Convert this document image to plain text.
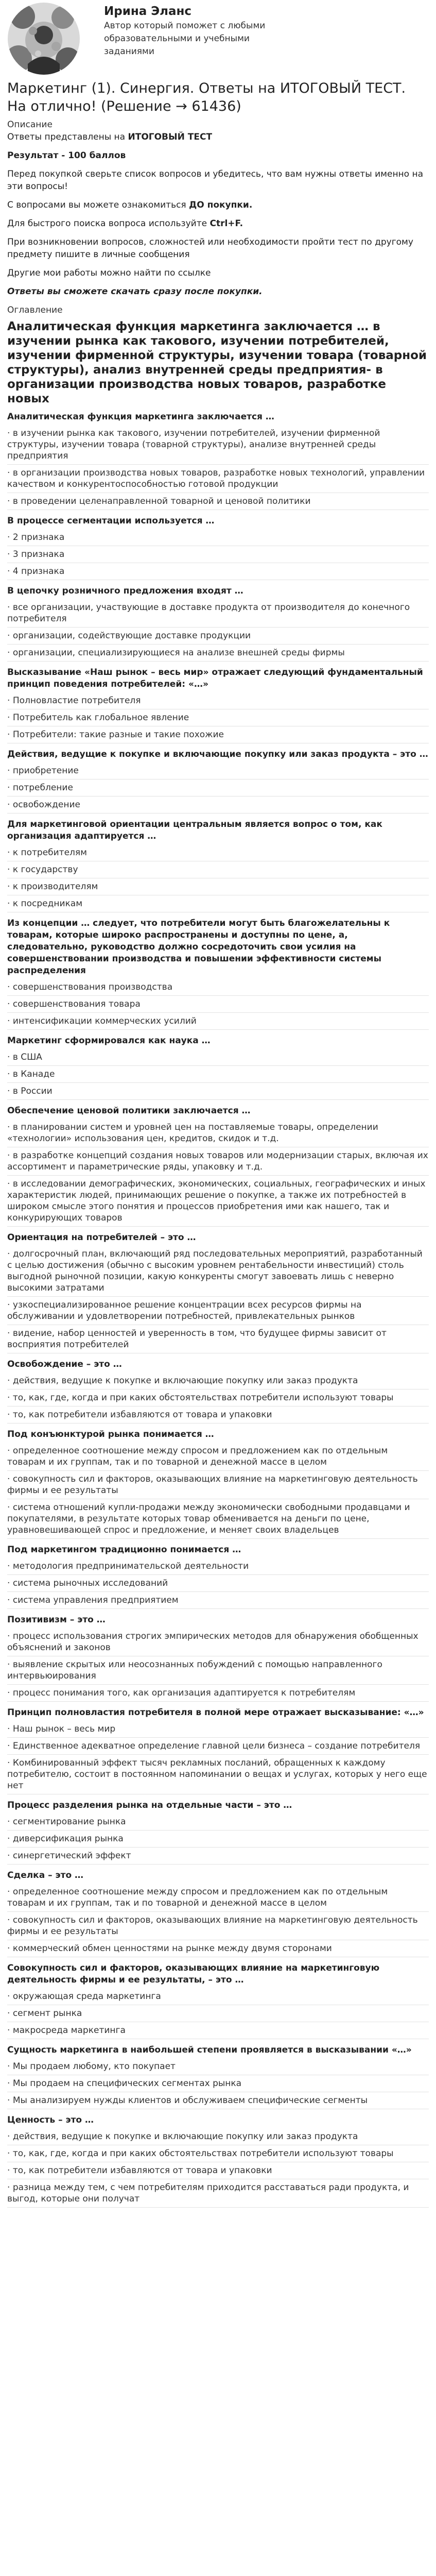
Ирина Эланс
Автор который поможет с любыми образовательными и учебными заданиями
Маркетинг (1). Синергия. Ответы на ИТОГОВЫЙ ТЕСТ. На отлично! (Решение → 61436)
Описание

Ответы представлены на ИТОГОВЫЙ ТЕСТ

Результат - 100 баллов

Перед покупкой сверьте список вопросов и убедитесь, что вам нужны ответы именно на эти вопросы!

С вопросами вы можете ознакомиться ДО покупки.

Для быстрого поиска вопроса используйте Ctrl+F.

При возникновении вопросов, сложностей или необходимости пройти тест по другому предмету пишите в личные сообщения

Другие мои работы можно найти по ссылке

Ответы вы сможете скачать сразу после покупки.

Оглавление
Аналитическая функция маркетинга заключается … в изучении рынка как такового, изучении потребителей, изучении фирменной структуры, изучении товара (товарной структуры), анализ внутренней среды предприятия- в организации производства новых товаров, разработке новых
Аналитическая функция маркетинга заключается …
· в изучении рынка как такового, изучении потребителей, изучении фирменной структуры, изучении товара (товарной структуры), анализе внутренней среды предприятия
· в организации производства новых товаров, разработке новых технологий, управлении качеством и конкурентоспособностью готовой продукции
· в проведении целенаправленной товарной и ценовой политики
В процессе сегментации используется …
· 2 признака
· 3 признака
· 4 признака
В цепочку розничного предложения входят …
· все организации, участвующие в доставке продукта от производителя до конечного потребителя
· организации, содействующие доставке продукции
· организации, специализирующиеся на анализе внешней среды фирмы
Высказывание «Наш рынок – весь мир» отражает следующий фундаментальный принцип поведения потребителей: «…»
· Полновластие потребителя
· Потребитель как глобальное явление
· Потребители: такие разные и такие похожие
Действия, ведущие к покупке и включающие покупку или заказ продукта – это …
· приобретение
· потребление
· освобождение
Для маркетинговой ориентации центральным является вопрос о том, как организация адаптируется …
· к потребителям
· к государству
· к производителям
· к посредникам
Из концепции … следует, что потребители могут быть благожелательны к товарам, которые широко распространены и доступны по цене, а, следовательно, руководство должно сосредоточить свои усилия на совершенствовании производства и повышении эффективности системы распределения
· совершенствования производства
· совершенствования товара
· интенсификации коммерческих усилий
Маркетинг сформировался как наука …
· в США
· в Канаде
· в России
Обеспечение ценовой политики заключается …
· в планировании систем и уровней цен на поставляемые товары, определении «технологии» использования цен, кредитов, скидок и т.д.
· в разработке концепций создания новых товаров или модернизации старых, включая их ассортимент и параметрические ряды, упаковку и т.д.
· в исследовании демографических, экономических, социальных, географических и иных характеристик людей, принимающих решение о покупке, а также их потребностей в широком смысле этого понятия и процессов приобретения ими как нашего, так и конкурирующих товаров
Ориентация на потребителей – это …
· долгосрочный план, включающий ряд последовательных мероприятий, разработанный с целью достижения (обычно с высоким уровнем рентабельности инвестиций) столь выгодной рыночной позиции, какую конкуренты смогут завоевать лишь с неверно высокими затратами
· узкоспециализированное решение концентрации всех ресурсов фирмы на обслуживании и удовлетворении потребностей, привлекательных рынков
· видение, набор ценностей и уверенность в том, что будущее фирмы зависит от восприятия потребителей
Освобождение – это …
· действия, ведущие к покупке и включающие покупку или заказ продукта
· то, как, где, когда и при каких обстоятельствах потребители используют товары
· то, как потребители избавляются от товара и упаковки
Под конъюнктурой рынка понимается …
· определенное соотношение между спросом и предложением как по отдельным товарам и их группам, так и по товарной и денежной массе в целом
· совокупность сил и факторов, оказывающих влияние на маркетинговую деятельность фирмы и ее результаты
· система отношений купли-продажи между экономически свободными продавцами и покупателями, в результате которых товар обменивается на деньги по цене, уравновешивающей спрос и предложение, и меняет своих владельцев
Под маркетингом традиционно понимается …
· методология предпринимательской деятельности
· система рыночных исследований
· система управления предприятием
Позитивизм – это …
· процесс использования строгих эмпирических методов для обнаружения обобщенных объяснений и законов
· выявление скрытых или неосознанных побуждений с помощью направленного интервьюирования
· процесс понимания того, как организация адаптируется к потребителям
Принцип полновластия потребителя в полной мере отражает высказывание: «…»
· Наш рынок – весь мир
· Единственное адекватное определение главной цели бизнеса – создание потребителя
· Комбинированный эффект тысяч рекламных посланий, обращенных к каждому потребителю, состоит в постоянном напоминании о вещах и услугах, которых у него еще нет
Процесс разделения рынка на отдельные части – это …
· сегментирование рынка
· диверсификация рынка
· синергетический эффект
Сделка – это …
· определенное соотношение между спросом и предложением как по отдельным товарам и их группам, так и по товарной и денежной массе в целом
· совокупность сил и факторов, оказывающих влияние на маркетинговую деятельность фирмы и ее результаты
· коммерческий обмен ценностями на рынке между двумя сторонами
Совокупность сил и факторов, оказывающих влияние на маркетинговую деятельность фирмы и ее результаты, – это …
· окружающая среда маркетинга
· сегмент рынка
· макросреда маркетинга
Сущность маркетинга в наибольшей степени проявляется в высказывании «…»
· Мы продаем любому, кто покупает
· Мы продаем на специфических сегментах рынка
· Мы анализируем нужды клиентов и обслуживаем специфические сегменты
Ценность – это …
· действия, ведущие к покупке и включающие покупку или заказ продукта
· то, как, где, когда и при каких обстоятельствах потребители используют товары
· то, как потребители избавляются от товара и упаковки
· разница между тем, с чем потребителям приходится расставаться ради продукта, и выгод, которые они получат
